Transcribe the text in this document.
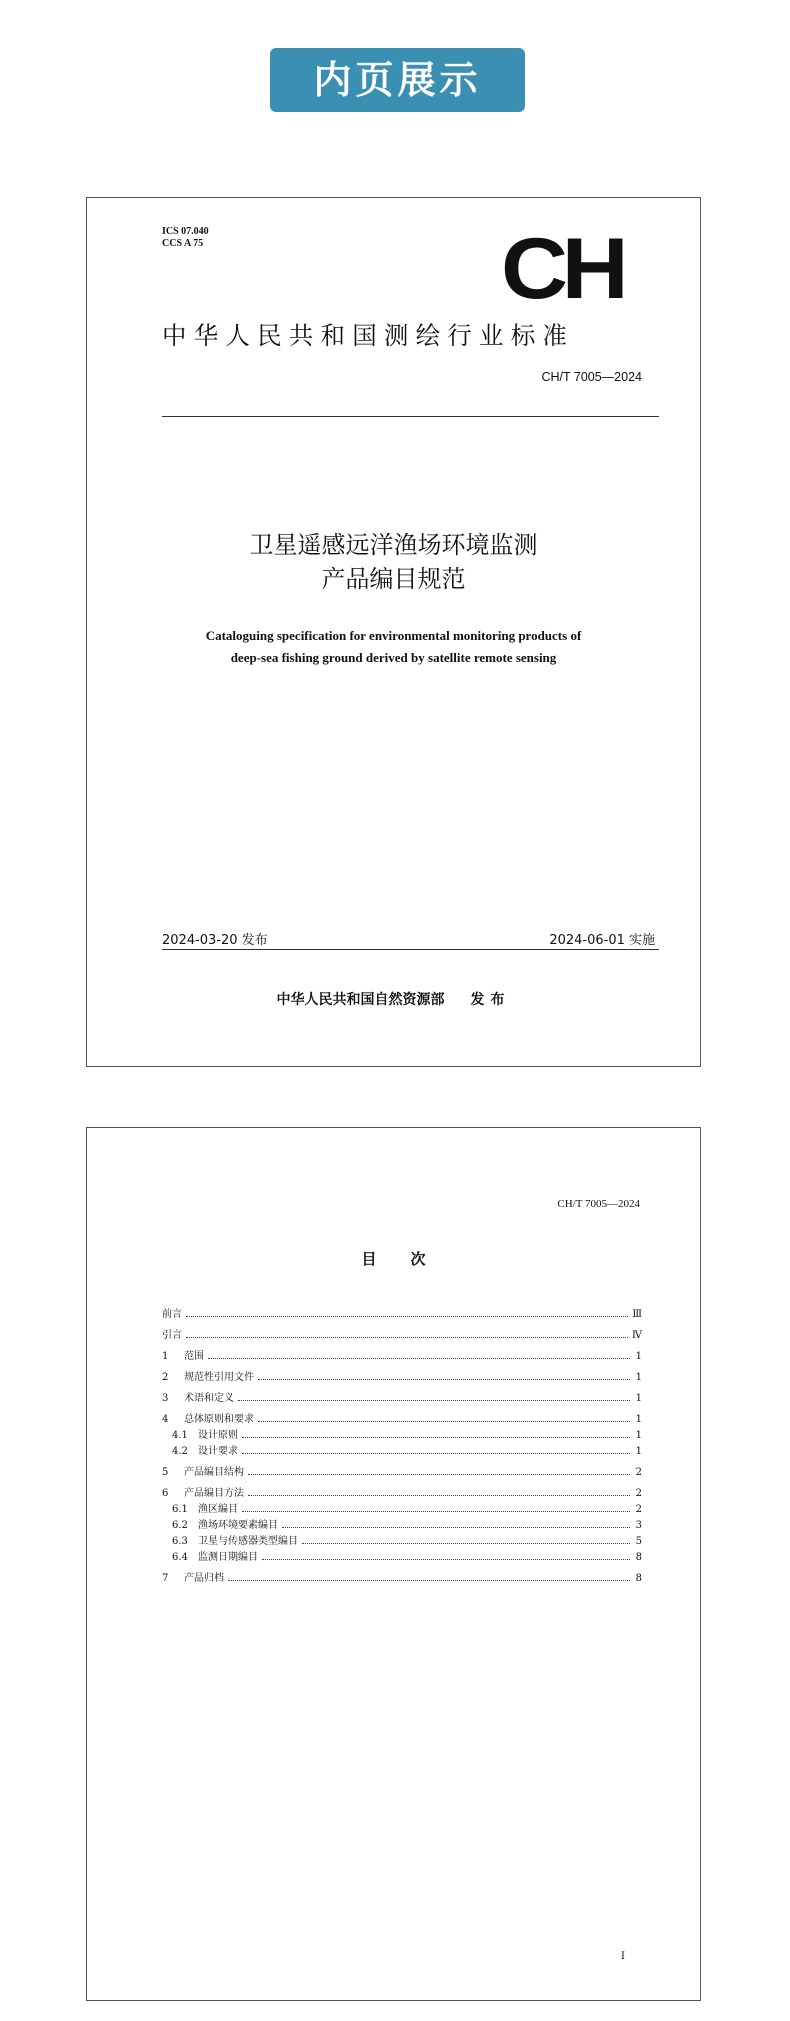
内页展示
ICS 07.040
CCS A 75	CH
中华人民共和国测绘行业标准
CH/T 7005—2024
卫星遥感远洋渔场环境监测
产品编目规范
Cataloguing specification for environmental monitoring products of
deep-sea fishing ground derived by satellite remote sensing
2024-03-20 发布	2024-06-01 实施
中华人民共和国自然资源部 发布
CH/T 7005—2024
目次
前言	Ⅲ
引言	Ⅳ
1	范围	1
2	规范性引用文件	1
3	术语和定义	1
4	总体原则和要求	1
4.1	设计原则	1
4.2	设计要求	1
5	产品编目结构	2
6	产品编目方法	2
6.1	渔区编目	2
6.2	渔场环境要素编目	3
6.3	卫星与传感器类型编目	5
6.4	监测日期编目	8
7	产品归档	8
I
